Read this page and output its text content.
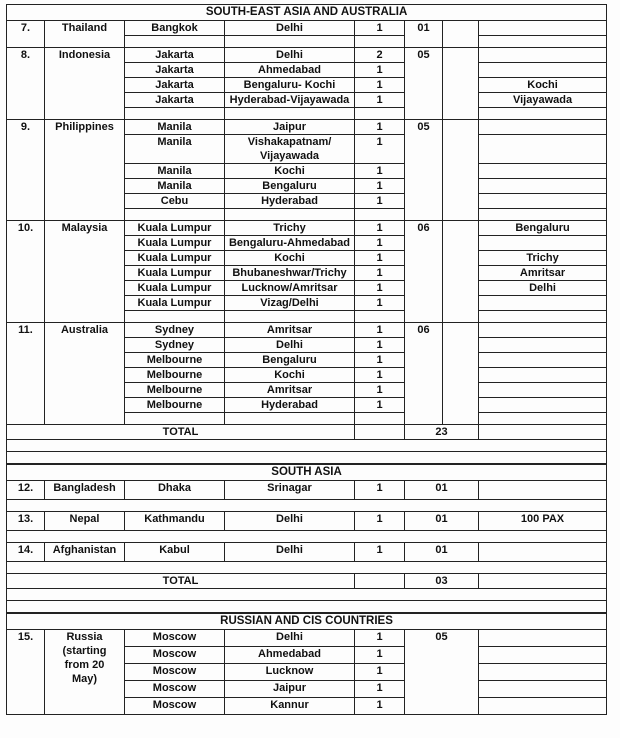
SOUTH-EAST ASIA AND AUSTRALIA							
7.	Thailand	Bangkok	Delhi	1	01		

8.	Indonesia	Jakarta	Delhi	2	05		
		Jakarta	Ahmedabad	1			
		Jakarta	Bengaluru- Kochi	1			Kochi
		Jakarta	Hyderabad-Vijayawada	1			Vijayawada

9.	Philippines	Manila	Jaipur	1	05		
		Manila	Vishakapatnam/ Vijayawada	1			
		Manila	Kochi	1			
		Manila	Bengaluru	1			
		Cebu	Hyderabad	1			

10.	Malaysia	Kuala Lumpur	Trichy	1	06		Bengaluru
		Kuala Lumpur	Bengaluru-Ahmedabad	1			
		Kuala Lumpur	Kochi	1			Trichy
		Kuala Lumpur	Bhubaneshwar/Trichy	1			Amritsar
		Kuala Lumpur	Lucknow/Amritsar	1			Delhi
		Kuala Lumpur	Vizag/Delhi	1			

11.	Australia	Sydney	Amritsar	1	06		
		Sydney	Delhi	1			
		Melbourne	Bengaluru	1			
		Melbourne	Kochi	1			
		Melbourne	Amritsar	1			
		Melbourne	Hyderabad	1			

TOTAL					23		

SOUTH ASIA						
12.	Bangladesh	Dhaka	Srinagar	1	01	

13.	Nepal	Kathmandu	Delhi	1	01	100 PAX

14.	Afghanistan	Kabul	Delhi	1	01	

TOTAL					03	

RUSSIAN AND CIS COUNTRIES						
15.	Russia
(starting
from 20
May)	Moscow	Delhi	1	05	
		Moscow	Ahmedabad	1		
		Moscow	Lucknow	1		
		Moscow	Jaipur	1		
		Moscow	Kannur	1		
